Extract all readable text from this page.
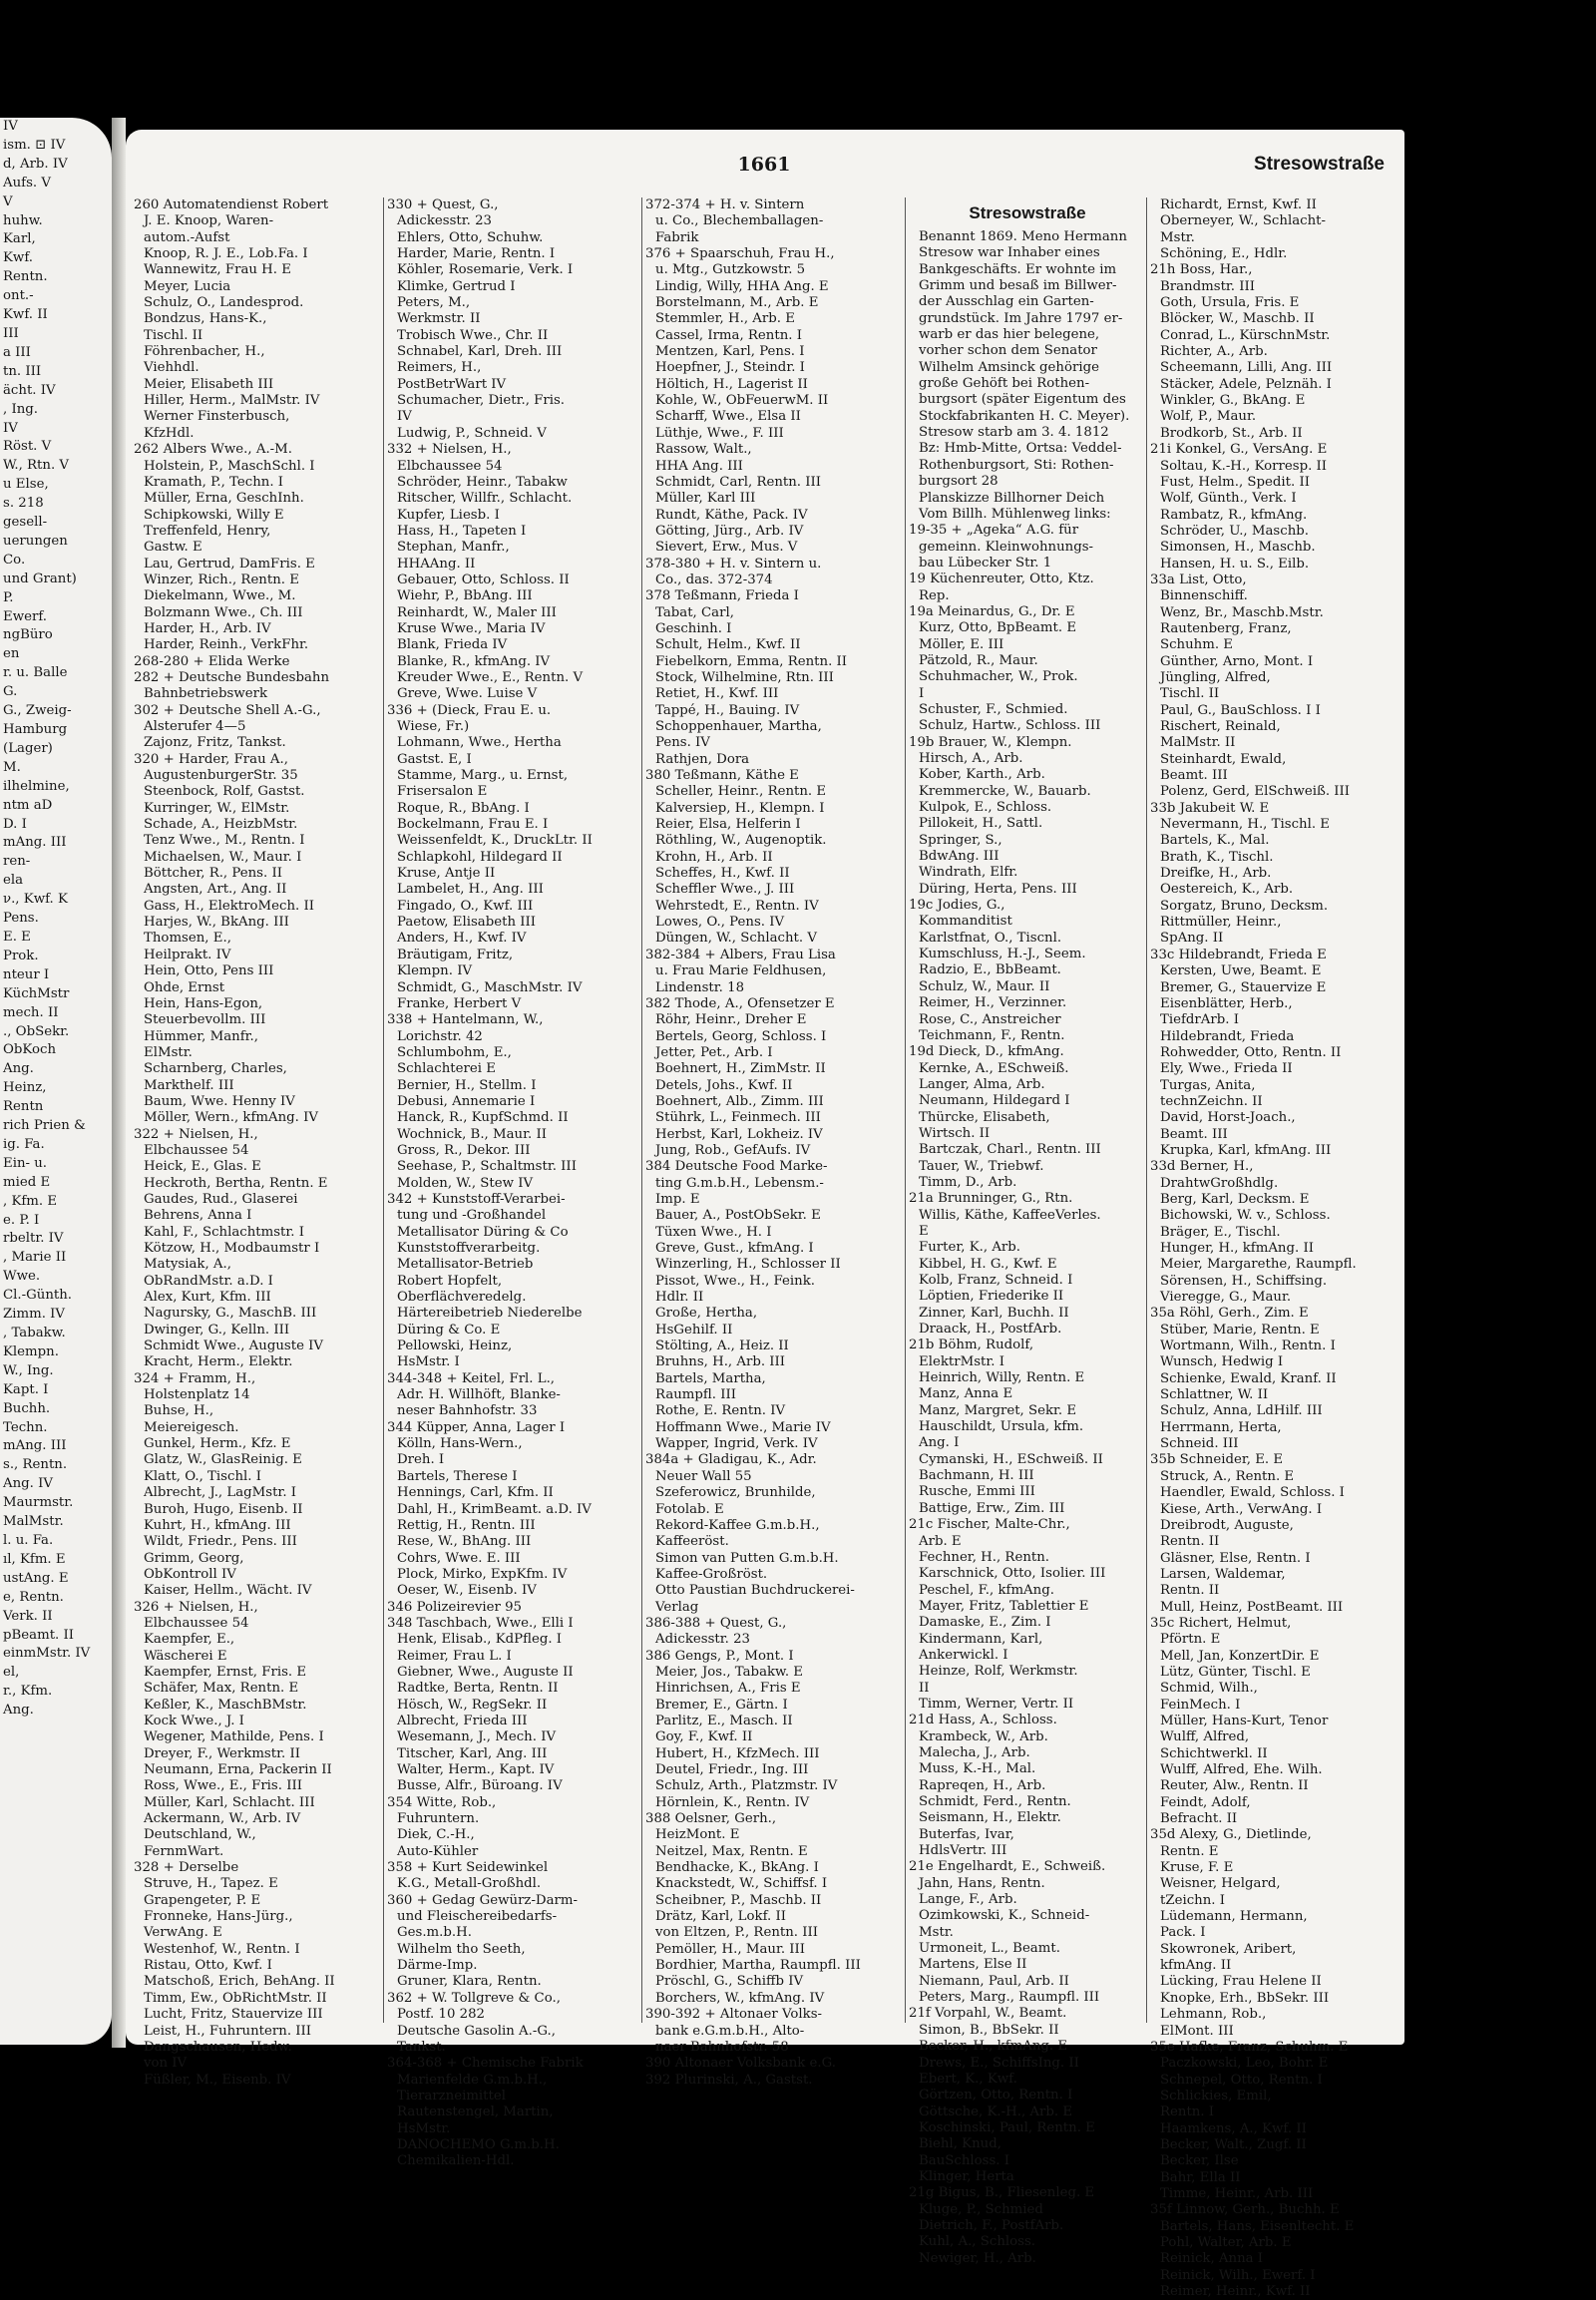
IV
ism. ⊡ IV
d, Arb. IV
Aufs. V
V
huhw.
Karl,
Kwf.
Rentn.
ont.-
Kwf. II
III
a III
tn. III
ächt. IV
, Ing.
IV
Röst. V
W., Rtn. V
u Else,
s. 218
gesell-
uerungen
Co.
und Grant)
P.
Ewerf.
ngBüro
en
r. u. Balle
G.
G., Zweig-
Hamburg
(Lager)
M.
ilhelmine,
ntm aD
D. I
mAng. III
ren-
ela
ν., Kwf. K
Pens.
E. E
Prok.
nteur I
KüchMstr
mech. II
., ObSekr.
ObKoch
Ang.
Heinz,
Rentn
rich Prien &
ig. Fa.
Ein- u.
mied E
, Kfm. E
e. P. I
rbeltr. IV
, Marie II
Wwe.
Cl.-Günth.
Zimm. IV
, Tabakw.
Klempn.
W., Ing.
Kapt. I
Buchh.
Techn.
mAng. III
s., Rentn.
Ang. IV
Maurmstr.
MalMstr.
l. u. Fa.
ıl, Kfm. E
ustAng. E
e, Rentn.
Verk. II
pBeamt. II
einmMstr. IV
el,
r., Kfm.
Ang.
1661	Stresowstraße
260 Automatendienst Robert
J. E. Knoop, Waren-
autom.-Aufst
Knoop, R. J. E., Lob.Fa. I
Wannewitz, Frau H. E
Meyer, Lucia
Schulz, O., Landesprod.
Bondzus, Hans-K.,
Tischl. II
Föhrenbacher, H.,
Viehhdl.
Meier, Elisabeth III
Hiller, Herm., MalMstr. IV
Werner Finsterbusch,
KfzHdl.
262 Albers Wwe., A.-M.
Holstein, P., MaschSchl. I
Kramath, P., Techn. I
Müller, Erna, GeschInh.
Schipkowski, Willy E
Treffenfeld, Henry,
Gastw. E
Lau, Gertrud, DamFris. E
Winzer, Rich., Rentn. E
Diekelmann, Wwe., M.
Bolzmann Wwe., Ch. III
Harder, H., Arb. IV
Harder, Reinh., VerkFhr.
268-280 + Elida Werke
282 + Deutsche Bundesbahn
Bahnbetriebswerk
302 + Deutsche Shell A.-G.,
Alsterufer 4—5
Zajonz, Fritz, Tankst.
320 + Harder, Frau A.,
AugustenburgerStr. 35
Steenbock, Rolf, Gastst.
Kurringer, W., ElMstr.
Schade, A., HeizbMstr.
Tenz Wwe., M., Rentn. I
Michaelsen, W., Maur. I
Böttcher, R., Pens. II
Angsten, Art., Ang. II
Gass, H., ElektroMech. II
Harjes, W., BkAng. III
Thomsen, E.,
Heilprakt. IV
Hein, Otto, Pens III
Ohde, Ernst
Hein, Hans-Egon,
Steuerbevollm. III
Hümmer, Manfr.,
ElMstr.
Scharnberg, Charles,
Markthelf. III
Baum, Wwe. Henny IV
Möller, Wern., kfmAng. IV
322 + Nielsen, H.,
Elbchaussee 54
Heick, E., Glas. E
Heckroth, Bertha, Rentn. E
Gaudes, Rud., Glaserei
Behrens, Anna I
Kahl, F., Schlachtmstr. I
Kötzow, H., Modbaumstr I
Matysiak, A.,
ObRandMstr. a.D. I
Alex, Kurt, Kfm. III
Nagursky, G., MaschB. III
Dwinger, G., Kelln. III
Schmidt Wwe., Auguste IV
Kracht, Herm., Elektr.
324 + Framm, H.,
Holstenplatz 14
Buhse, H.,
Meiereigesch.
Gunkel, Herm., Kfz. E
Glatz, W., GlasReinig. E
Klatt, O., Tischl. I
Albrecht, J., LagMstr. I
Buroh, Hugo, Eisenb. II
Kuhrt, H., kfmAng. III
Wildt, Friedr., Pens. III
Grimm, Georg,
ObKontroll IV
Kaiser, Hellm., Wächt. IV
326 + Nielsen, H.,
Elbchaussee 54
Kaempfer, E.,
Wäscherei E
Kaempfer, Ernst, Fris. E
Schäfer, Max, Rentn. E
Keßler, K., MaschBMstr.
Kock Wwe., J. I
Wegener, Mathilde, Pens. I
Dreyer, F., Werkmstr. II
Neumann, Erna, Packerin II
Ross, Wwe., E., Fris. III
Müller, Karl, Schlacht. III
Ackermann, W., Arb. IV
Deutschland, W.,
FernmWart.
328 + Derselbe
Struve, H., Tapez. E
Grapengeter, P. E
Fronneke, Hans-Jürg.,
VerwAng. E
Westenhof, W., Rentn. I
Ristau, Otto, Kwf. I
Matschoß, Erich, BehAng. II
Timm, Ew., ObRichtMstr. II
Lucht, Fritz, Stauervize III
Leist, H., Fuhruntern. III
Dangschausen, Hedw.
von IV
Füßler, M., Eisenb. IV
330 + Quest, G.,
Adickesstr. 23
Ehlers, Otto, Schuhw.
Harder, Marie, Rentn. I
Köhler, Rosemarie, Verk. I
Klimke, Gertrud I
Peters, M.,
Werkmstr. II
Trobisch Wwe., Chr. II
Schnabel, Karl, Dreh. III
Reimers, H.,
PostBetrWart IV
Schumacher, Dietr., Fris.
IV
Ludwig, P., Schneid. V
332 + Nielsen, H.,
Elbchaussee 54
Schröder, Heinr., Tabakw
Ritscher, Willfr., Schlacht.
Kupfer, Liesb. I
Hass, H., Tapeten I
Stephan, Manfr.,
HHAAng. II
Gebauer, Otto, Schloss. II
Wiehr, P., BbAng. III
Reinhardt, W., Maler III
Kruse Wwe., Maria IV
Blank, Frieda IV
Blanke, R., kfmAng. IV
Kreuder Wwe., E., Rentn. V
Greve, Wwe. Luise V
336 + (Dieck, Frau E. u.
Wiese, Fr.)
Lohmann, Wwe., Hertha
Gastst. E, I
Stamme, Marg., u. Ernst,
Frisersalon E
Roque, R., BbAng. I
Bockelmann, Frau E. I
Weissenfeldt, K., DruckLtr. II
Schlapkohl, Hildegard II
Kruse, Antje II
Lambelet, H., Ang. III
Fingado, O., Kwf. III
Paetow, Elisabeth III
Anders, H., Kwf. IV
Bräutigam, Fritz,
Klempn. IV
Schmidt, G., MaschMstr. IV
Franke, Herbert V
338 + Hantelmann, W.,
Lorichstr. 42
Schlumbohm, E.,
Schlachterei E
Bernier, H., Stellm. I
Debusi, Annemarie I
Hanck, R., KupfSchmd. II
Wochnick, B., Maur. II
Gross, R., Dekor. III
Seehase, P., Schaltmstr. III
Molden, W., Stew IV
342 + Kunststoff-Verarbei-
tung und -Großhandel
Metallisator Düring & Co
Kunststoffverarbeitg.
Metallisator-Betrieb
Robert Hopfelt,
Oberflächveredelg.
Härtereibetrieb Niederelbe
Düring & Co. E
Pellowski, Heinz,
HsMstr. I
344-348 + Keitel, Frl. L.,
Adr. H. Willhöft, Blanke-
neser Bahnhofstr. 33
344 Küpper, Anna, Lager I
Kölln, Hans-Wern.,
Dreh. I
Bartels, Therese I
Hennings, Carl, Kfm. II
Dahl, H., KrimBeamt. a.D. IV
Rettig, H., Rentn. III
Rese, W., BhAng. III
Cohrs, Wwe. E. III
Plock, Mirko, ExpKfm. IV
Oeser, W., Eisenb. IV
346 Polizeirevier 95
348 Taschbach, Wwe., Elli I
Henk, Elisab., KdPfleg. I
Reimer, Frau L. I
Giebner, Wwe., Auguste II
Radtke, Berta, Rentn. II
Hösch, W., RegSekr. II
Albrecht, Frieda III
Wesemann, J., Mech. IV
Titscher, Karl, Ang. III
Walter, Herm., Kapt. IV
Busse, Alfr., Büroang. IV
354 Witte, Rob.,
Fuhruntern.
Diek, C.-H.,
Auto-Kühler
358 + Kurt Seidewinkel
K.G., Metall-Großhdl.
360 + Gedag Gewürz-Darm-
und Fleischereibedarfs-
Ges.m.b.H.
Wilhelm tho Seeth,
Därme-Imp.
Gruner, Klara, Rentn.
362 + W. Tollgreve & Co.,
Postf. 10 282
Deutsche Gasolin A.-G.,
Tankst.
364-368 + Chemische Fabrik
Marienfelde G.m.b.H.,
Tierarzneimittel
Rautenstengel, Martin,
HsMstr.
DANOCHEMO G.m.b.H.
Chemikalien-Hdl.
372-374 + H. v. Sintern
u. Co., Blechemballagen-
Fabrik
376 + Spaarschuh, Frau H.,
u. Mtg., Gutzkowstr. 5
Lindig, Willy, HHA Ang. E
Borstelmann, M., Arb. E
Stemmler, H., Arb. E
Cassel, Irma, Rentn. I
Mentzen, Karl, Pens. I
Hoepfner, J., Steindr. I
Höltich, H., Lagerist II
Kohle, W., ObFeuerwM. II
Scharff, Wwe., Elsa II
Lüthje, Wwe., F. III
Rassow, Walt.,
HHA Ang. III
Schmidt, Carl, Rentn. III
Müller, Karl III
Rundt, Käthe, Pack. IV
Götting, Jürg., Arb. IV
Sievert, Erw., Mus. V
378-380 + H. v. Sintern u.
Co., das. 372-374
378 Teßmann, Frieda I
Tabat, Carl,
Geschinh. I
Schult, Helm., Kwf. II
Fiebelkorn, Emma, Rentn. II
Stock, Wilhelmine, Rtn. III
Retiet, H., Kwf. III
Tappé, H., Bauing. IV
Schoppenhauer, Martha,
Pens. IV
Rathjen, Dora
380 Teßmann, Käthe E
Scheller, Heinr., Rentn. E
Kalversiep, H., Klempn. I
Reier, Elsa, Helferin I
Röthling, W., Augenoptik.
Krohn, H., Arb. II
Scheffes, H., Kwf. II
Scheffler Wwe., J. III
Wehrstedt, E., Rentn. IV
Lowes, O., Pens. IV
Düngen, W., Schlacht. V
382-384 + Albers, Frau Lisa
u. Frau Marie Feldhusen,
Lindenstr. 18
382 Thode, A., Ofensetzer E
Röhr, Heinr., Dreher E
Bertels, Georg, Schloss. I
Jetter, Pet., Arb. I
Boehnert, H., ZimMstr. II
Detels, Johs., Kwf. II
Boehnert, Alb., Zimm. III
Stührk, L., Feinmech. III
Herbst, Karl, Lokheiz. IV
Jung, Rob., GefAufs. IV
384 Deutsche Food Marke-
ting G.m.b.H., Lebensm.-
Imp. E
Bauer, A., PostObSekr. E
Tüxen Wwe., H. I
Greve, Gust., kfmAng. I
Winzerling, H., Schlosser II
Pissot, Wwe., H., Feink.
Hdlr. II
Große, Hertha,
HsGehilf. II
Stölting, A., Heiz. II
Bruhns, H., Arb. III
Bartels, Martha,
Raumpfl. III
Rothe, E. Rentn. IV
Hoffmann Wwe., Marie IV
Wapper, Ingrid, Verk. IV
384a + Gladigau, K., Adr.
Neuer Wall 55
Szeferowicz, Brunhilde,
Fotolab. E
Rekord-Kaffee G.m.b.H.,
Kaffeeröst.
Simon van Putten G.m.b.H.
Kaffee-Großröst.
Otto Paustian Buchdruckerei-
Verlag
386-388 + Quest, G.,
Adickesstr. 23
386 Gengs, P., Mont. I
Meier, Jos., Tabakw. E
Hinrichsen, A., Fris E
Bremer, E., Gärtn. I
Parlitz, E., Masch. II
Goy, F., Kwf. II
Hubert, H., KfzMech. III
Deutel, Friedr., Ing. III
Schulz, Arth., Platzmstr. IV
Hörnlein, K., Rentn. IV
388 Oelsner, Gerh.,
HeizMont. E
Neitzel, Max, Rentn. E
Bendhacke, K., BkAng. I
Knackstedt, W., Schiffsf. I
Scheibner, P., Maschb. II
Drätz, Karl, Lokf. II
von Eltzen, P., Rentn. III
Pemöller, H., Maur. III
Bordhier, Martha, Raumpfl. III
Pröschl, G., Schiffb IV
Borchers, W., kfmAng. IV
390-392 + Altonaer Volks-
bank e.G.m.b.H., Alto-
naer Bahnhofstr. 58
390 Altonaer Volksbank e.G.
392 Plurinski, A., Gastst.
Stresowstraße
Benannt 1869. Meno Hermann
Stresow war Inhaber eines
Bankgeschäfts. Er wohnte im
Grimm und besaß im Billwer-
der Ausschlag ein Garten-
grundstück. Im Jahre 1797 er-
warb er das hier belegene,
vorher schon dem Senator
Wilhelm Amsinck gehörige
große Gehöft bei Rothen-
burgsort (später Eigentum des
Stockfabrikanten H. C. Meyer).
Stresow starb am 3. 4. 1812
Bz: Hmb-Mitte, Ortsa: Veddel-
Rothenburgsort, Sti: Rothen-
burgsort 28
Planskizze Billhorner Deich
Vom Billh. Mühlenweg links:
19-35 + „Ageka“ A.G. für
gemeinn. Kleinwohnungs-
bau Lübecker Str. 1
19 Küchenreuter, Otto, Ktz.
Rep.
19a Meinardus, G., Dr. E
Kurz, Otto, BpBeamt. E
Möller, E. III
Pätzold, R., Maur.
Schuhmacher, W., Prok.
I
Schuster, F., Schmied.
Schulz, Hartw., Schloss. III
19b Brauer, W., Klempn.
Hirsch, A., Arb.
Kober, Karth., Arb.
Kremmercke, W., Bauarb.
Kulpok, E., Schloss.
Pillokeit, H., Sattl.
Springer, S.,
BdwAng. III
Windrath, Elfr.
Düring, Herta, Pens. III
19c Jodies, G.,
Kommanditist
Karlstfnat, O., Tiscnl.
Kumschluss, H.-J., Seem.
Radzio, E., BbBeamt.
Schulz, W., Maur. II
Reimer, H., Verzinner.
Rose, C., Anstreicher
Teichmann, F., Rentn.
19d Dieck, D., kfmAng.
Kernke, A., ESchweiß.
Langer, Alma, Arb.
Neumann, Hildegard I
Thürcke, Elisabeth,
Wirtsch. II
Bartczak, Charl., Rentn. III
Tauer, W., Triebwf.
Timm, D., Arb.
21a Brunninger, G., Rtn.
Willis, Käthe, KaffeeVerles.
E
Furter, K., Arb.
Kibbel, H. G., Kwf. E
Kolb, Franz, Schneid. I
Löptien, Friederike II
Zinner, Karl, Buchh. II
Draack, H., PostfArb.
21b Böhm, Rudolf,
ElektrMstr. I
Heinrich, Willy, Rentn. E
Manz, Anna E
Manz, Margret, Sekr. E
Hauschildt, Ursula, kfm.
Ang. I
Cymanski, H., ESchweiß. II
Bachmann, H. III
Rusche, Emmi III
Battige, Erw., Zim. III
21c Fischer, Malte-Chr.,
Arb. E
Fechner, H., Rentn.
Karschnick, Otto, Isolier. III
Peschel, F., kfmAng.
Mayer, Fritz, Tablettier E
Damaske, E., Zim. I
Kindermann, Karl,
Ankerwickl. I
Heinze, Rolf, Werkmstr.
II
Timm, Werner, Vertr. II
21d Hass, A., Schloss.
Krambeck, W., Arb.
Malecha, J., Arb.
Muss, K.-H., Mal.
Rapreqen, H., Arb.
Schmidt, Ferd., Rentn.
Seismann, H., Elektr.
Buterfas, Ivar,
HdlsVertr. III
21e Engelhardt, E., Schweiß.
Jahn, Hans, Rentn.
Lange, F., Arb.
Ozimkowski, K., Schneid-
Mstr.
Urmoneit, L., Beamt.
Martens, Else II
Niemann, Paul, Arb. II
Peters, Marg., Raumpfl. III
21f Vorpahl, W., Beamt.
Simon, B., BbSekr. II
Becker, H., kfmAng. E
Drews, E., SchiffsIng. II
Ebert, K., Kwf.
Görtzen, Otto, Rentn. I
Göttsche, K.-H., Arb. E
Koschinski, Paul, Rentn. E
Biehl, Knud,
BauSchloss. I
Klinger, Herta
21g Bigus, B., Fliesenleg. E
Kluge, P., Schmied
Dietrich, F., PostfArb.
Kuhl, A., Schloss.
Newiger, H., Arb.
Richardt, Ernst, Kwf. II
Oberneyer, W., Schlacht-
Mstr.
Schöning, E., Hdlr.
21h Boss, Har.,
Brandmstr. III
Goth, Ursula, Fris. E
Blöcker, W., Maschb. II
Conrad, L., KürschnMstr.
Richter, A., Arb.
Scheemann, Lilli, Ang. III
Stäcker, Adele, Pelznäh. I
Winkler, G., BkAng. E
Wolf, P., Maur.
Brodkorb, St., Arb. II
21i Konkel, G., VersAng. E
Soltau, K.-H., Korresp. II
Fust, Helm., Spedit. II
Wolf, Günth., Verk. I
Rambatz, R., kfmAng.
Schröder, U., Maschb.
Simonsen, H., Maschb.
Hansen, H. u. S., Eilb.
33a List, Otto,
Binnenschiff.
Wenz, Br., Maschb.Mstr.
Rautenberg, Franz,
Schuhm. E
Günther, Arno, Mont. I
Jüngling, Alfred,
Tischl. II
Paul, G., BauSchloss. I I
Rischert, Reinald,
MalMstr. II
Steinhardt, Ewald,
Beamt. III
Polenz, Gerd, ElSchweiß. III
33b Jakubeit W. E
Nevermann, H., Tischl. E
Bartels, K., Mal.
Brath, K., Tischl.
Dreifke, H., Arb.
Oestereich, K., Arb.
Sorgatz, Bruno, Decksm.
Rittmüller, Heinr.,
SpAng. II
33c Hildebrandt, Frieda E
Kersten, Uwe, Beamt. E
Bremer, G., Stauervize E
Eisenblätter, Herb.,
TiefdrArb. I
Hildebrandt, Frieda
Rohwedder, Otto, Rentn. II
Ely, Wwe., Frieda II
Turgas, Anita,
technZeichn. II
David, Horst-Joach.,
Beamt. III
Krupka, Karl, kfmAng. III
33d Berner, H.,
DrahtwGroßhdlg.
Berg, Karl, Decksm. E
Bichowski, W. v., Schloss.
Bräger, E., Tischl.
Hunger, H., kfmAng. II
Meier, Margarethe, Raumpfl.
Sörensen, H., Schiffsing.
Vieregge, G., Maur.
35a Röhl, Gerh., Zim. E
Stüber, Marie, Rentn. E
Wortmann, Wilh., Rentn. I
Wunsch, Hedwig I
Schienke, Ewald, Kranf. II
Schlattner, W. II
Schulz, Anna, LdHilf. III
Herrmann, Herta,
Schneid. III
35b Schneider, E. E
Struck, A., Rentn. E
Haendler, Ewald, Schloss. I
Kiese, Arth., VerwAng. I
Dreibrodt, Auguste,
Rentn. II
Gläsner, Else, Rentn. I
Larsen, Waldemar,
Rentn. II
Mull, Heinz, PostBeamt. III
35c Richert, Helmut,
Pförtn. E
Mell, Jan, KonzertDir. E
Lütz, Günter, Tischl. E
Schmid, Wilh.,
FeinMech. I
Müller, Hans-Kurt, Tenor
Wulff, Alfred,
Schichtwerkl. II
Wulff, Alfred, Ehe. Wilh.
Reuter, Alw., Rentn. II
Feindt, Adolf,
Befracht. II
35d Alexy, G., Dietlinde,
Rentn. E
Kruse, F. E
Weisner, Helgard,
tZeichn. I
Lüdemann, Hermann,
Pack. I
Skowronek, Aribert,
kfmAng. II
Lücking, Frau Helene II
Knopke, Erh., BbSekr. III
Lehmann, Rob.,
ElMont. III
35e Hafke, Franz, Schuhm. E
Paczkowski, Leo, Bohr. E
Schnepel, Otto, Rentn. I
Schlickies, Emil,
Rentn. I
Haamkens, A., Kwf. II
Becker, Walt., Zugf. II
Becker, Ilse
Bahr, Ella II
Timme, Heinr., Arb. III
35f Linnow, Gerh., Buchh. E
Bartels, Hans, Eisenltecht. E
Pohl, Walter, Arb. E
Reinick, Anna I
Reinick, Wilh., Ewerf. I
Reimer, Heinr., Kwf. II
